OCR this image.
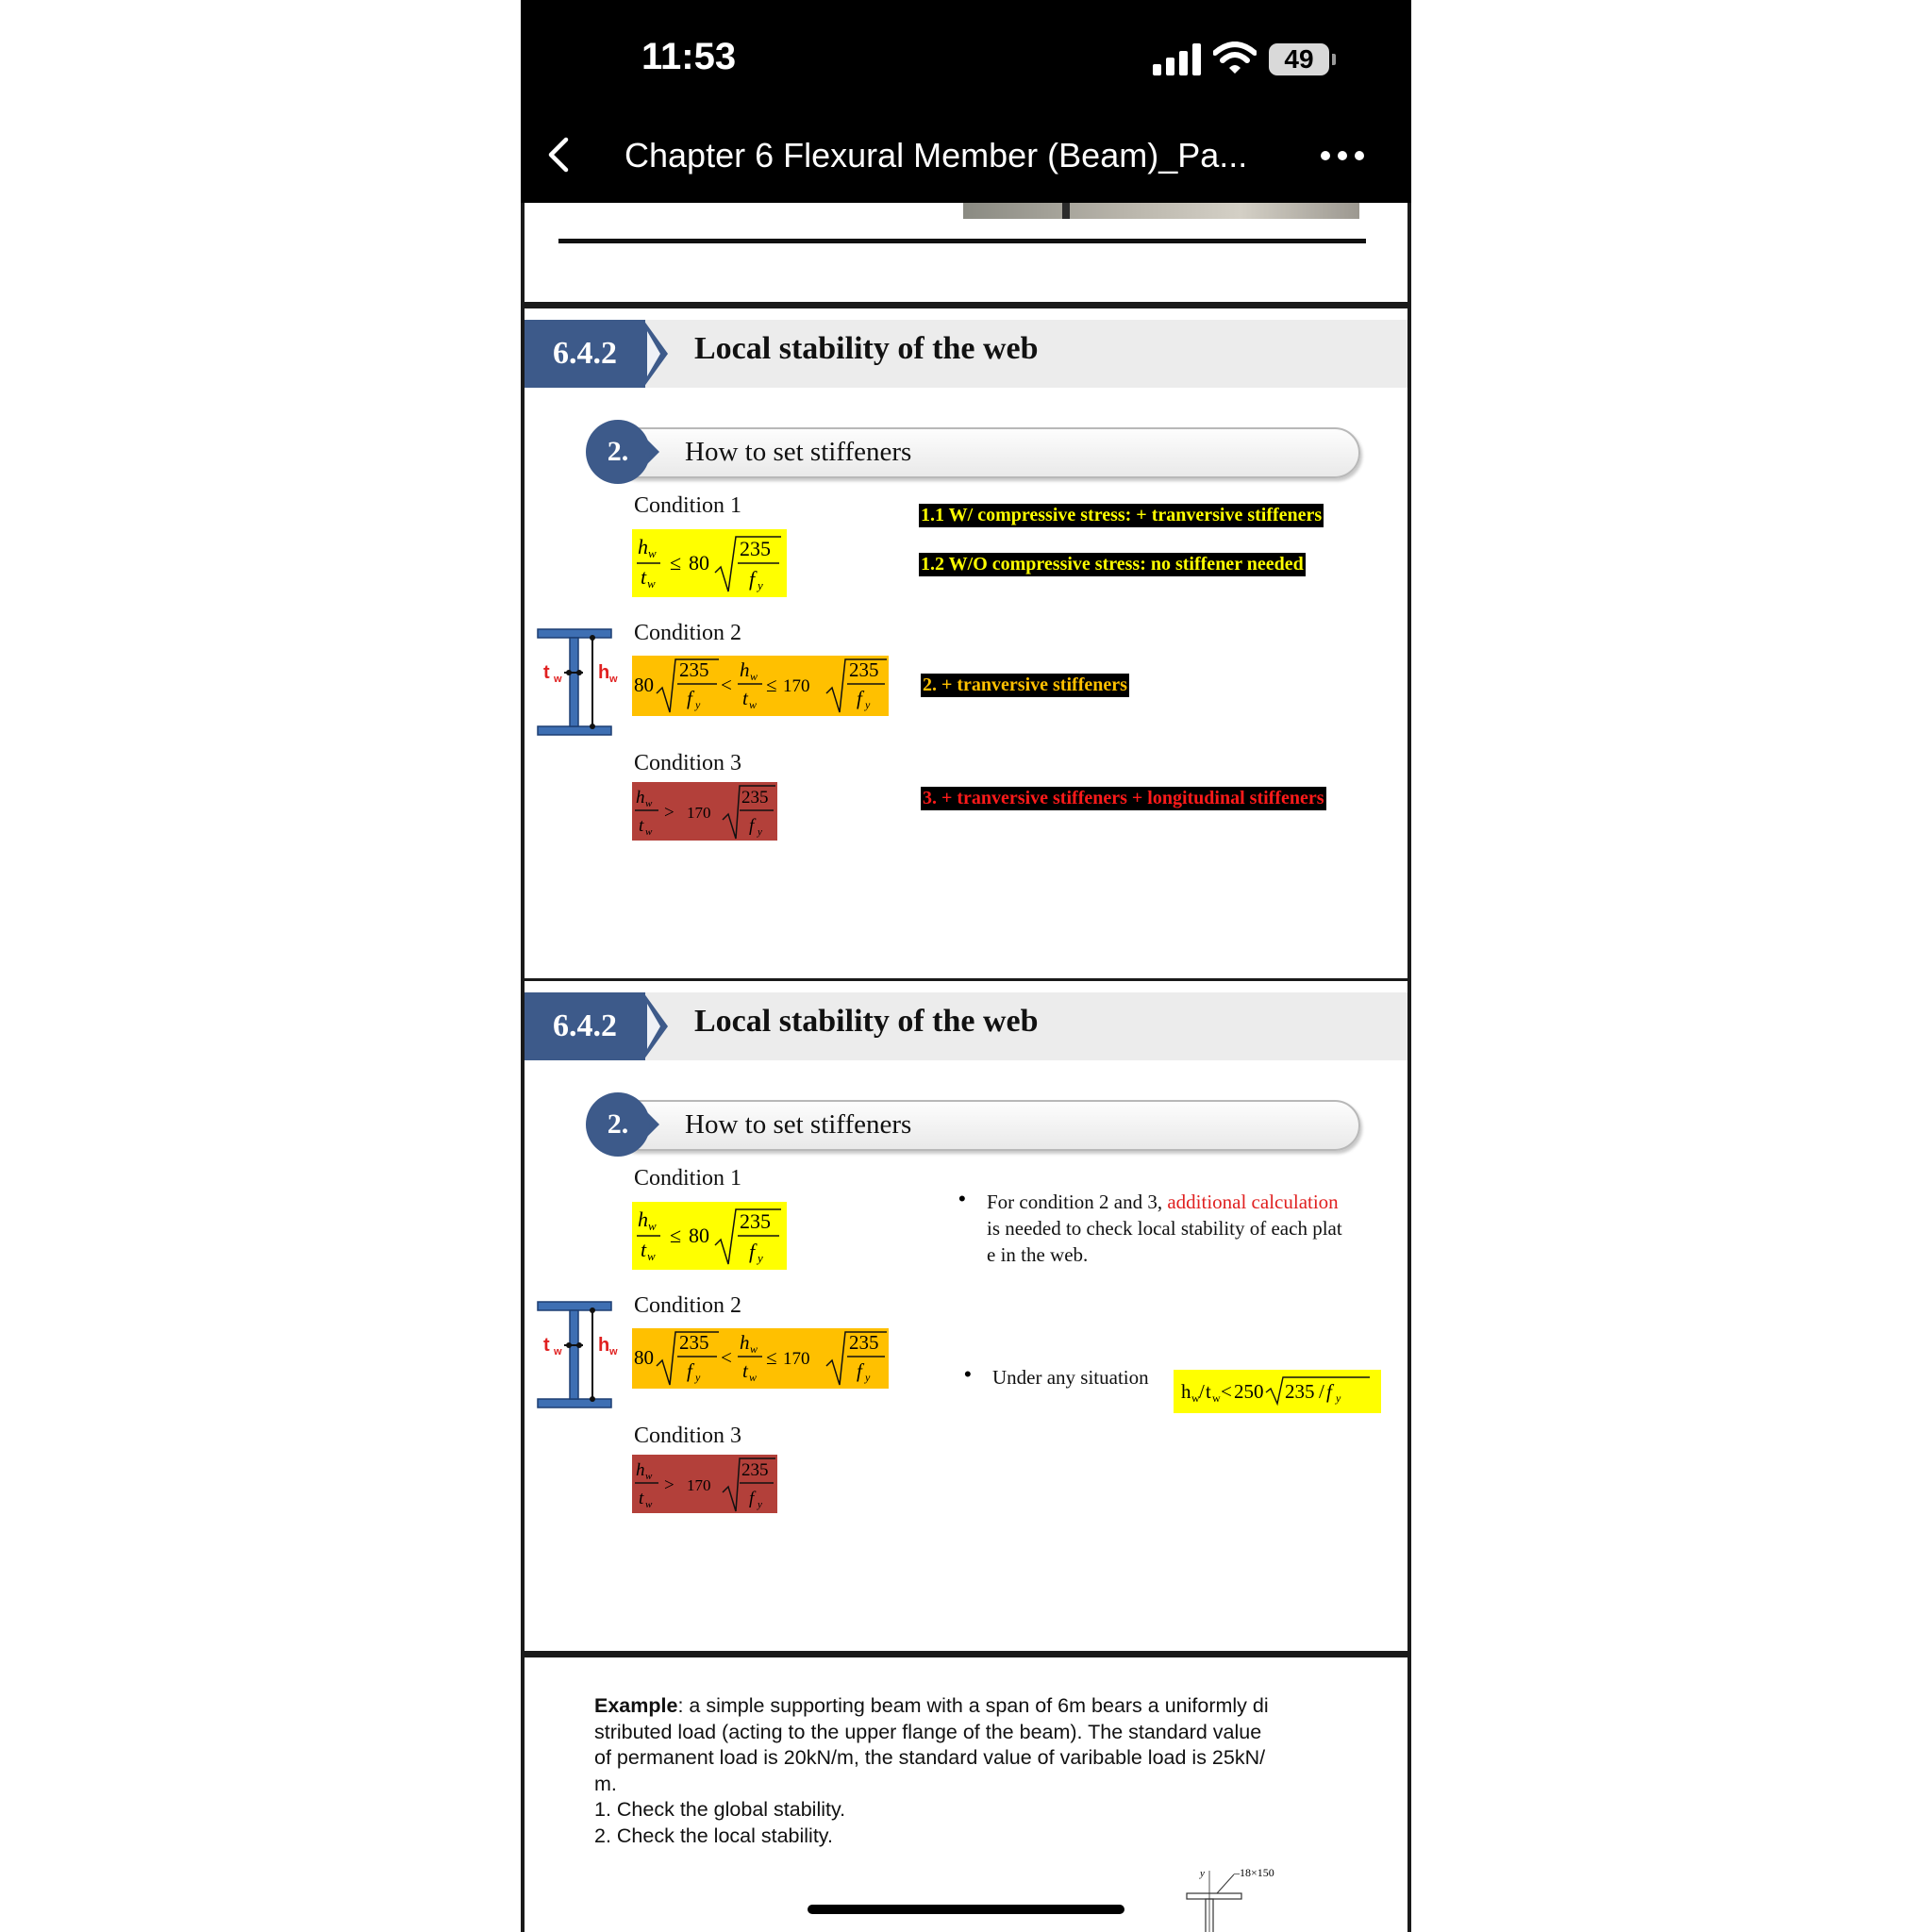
11:53	49
Chapter 6 Flexural Member (Beam)_Pa...
6.4.2	Local stability of the web
2.	How to set stiffeners
Condition 1
Condition 2
Condition 3
h w
t w
≤ 80
235
f y
t w h w 80
235
f y
<
h w
t w
≤ 170
235
f y
h w
t w
> 170
235
f y
1.1 W/ compressive stress: + tranversive stiffeners
1.2 W/O compressive stress: no stiffener needed
2. + tranversive stiffeners
3. + tranversive stiffeners + longitudinal stiffeners
6.4.2	Local stability of the web
2.	How to set stiffeners
Condition 1
Condition 2
Condition 3
h w
t w
≤ 80
235
f y
t w h w 80
235
f y
<
h w
t w
≤ 170
235
f y
h w
t w
> 170
235
f y
• For condition 2 and 3, additional calculation
is needed to check local stability of each plat
e in the web.
• Under any situation
h w / t w < 250 235 / f y
Example: a simple supporting beam with a span of 6m bears a uniformly di
stributed load (acting to the upper flange of the beam). The standard value
of permanent load is 20kN/m, the standard value of varibable load is 25kN/
m.
1. Check the global stability.
2. Check the local stability.
y	–18×150
